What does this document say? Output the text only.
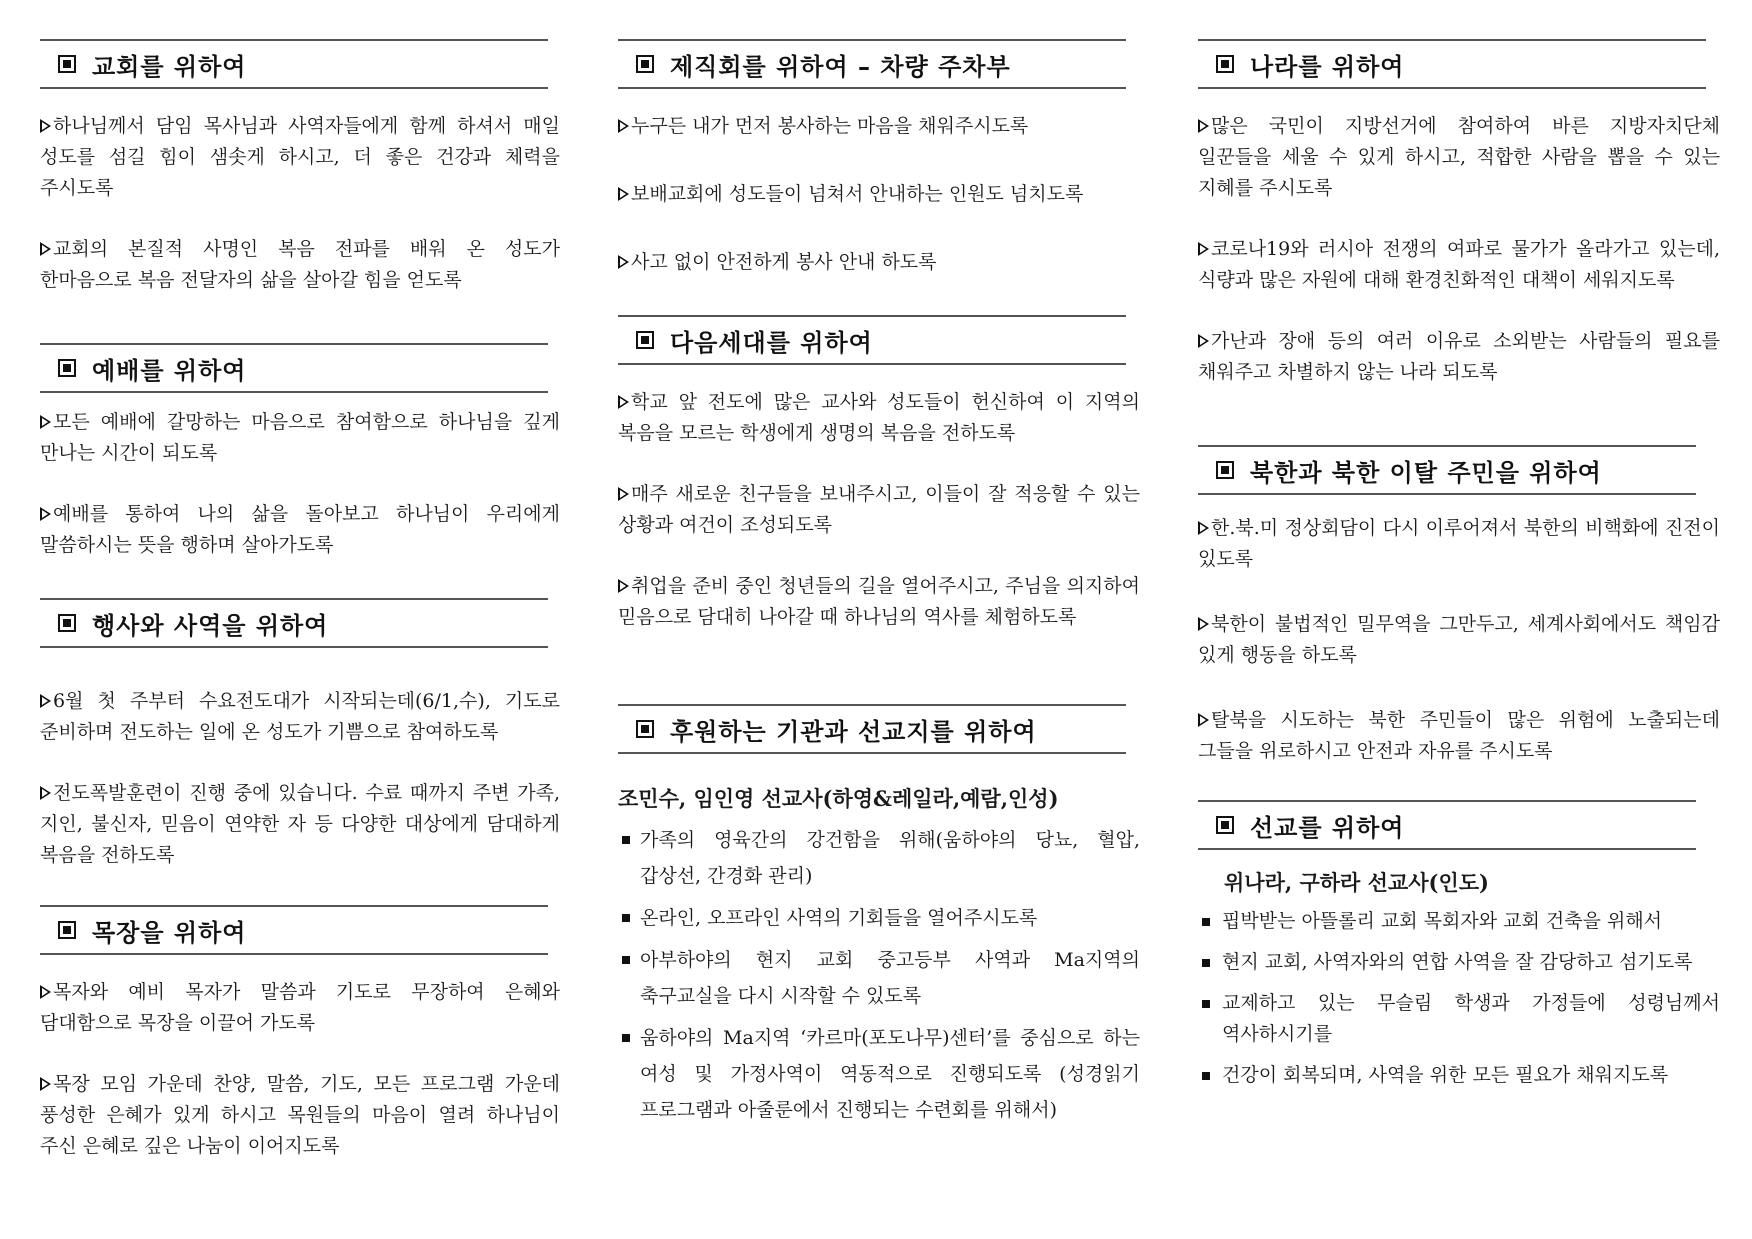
교회를 위하여

하나님께서 담임 목사님과 사역자들에게 함께 하셔서 매일 성도를 섬길 힘이 샘솟게 하시고, 더 좋은 건강과 체력을 주시도록

교회의 본질적 사명인 복음 전파를 배워 온 성도가 한마음으로 복음 전달자의 삶을 살아갈 힘을 얻도록

예배를 위하여

모든 예배에 갈망하는 마음으로 참여함으로 하나님을 깊게 만나는 시간이 되도록

예배를 통하여 나의 삶을 돌아보고 하나님이 우리에게 말씀하시는 뜻을 행하며 살아가도록

행사와 사역을 위하여

6월 첫 주부터 수요전도대가 시작되는데(6/1,수), 기도로 준비하며 전도하는 일에 온 성도가 기쁨으로 참여하도록

전도폭발훈련이 진행 중에 있습니다. 수료 때까지 주변 가족, 지인, 불신자, 믿음이 연약한 자 등 다양한 대상에게 담대하게 복음을 전하도록

목장을 위하여

목자와 예비 목자가 말씀과 기도로 무장하여 은혜와 담대함으로 목장을 이끌어 가도록

목장 모임 가운데 찬양, 말씀, 기도, 모든 프로그램 가운데 풍성한 은혜가 있게 하시고 목원들의 마음이 열려 하나님이 주신 은혜로 깊은 나눔이 이어지도록

제직회를 위하여 – 차량 주차부

누구든 내가 먼저 봉사하는 마음을 채워주시도록

보배교회에 성도들이 넘쳐서 안내하는 인원도 넘치도록

사고 없이 안전하게 봉사 안내 하도록

다음세대를 위하여

학교 앞 전도에 많은 교사와 성도들이 헌신하여 이 지역의 복음을 모르는 학생에게 생명의 복음을 전하도록

매주 새로운 친구들을 보내주시고, 이들이 잘 적응할 수 있는 상황과 여건이 조성되도록

취업을 준비 중인 청년들의 길을 열어주시고, 주님을 의지하여 믿음으로 담대히 나아갈 때 하나님의 역사를 체험하도록

후원하는 기관과 선교지를 위하여
조민수, 임인영 선교사(하영&레일라,예람,인성)
가족의 영육간의 강건함을 위해(움하야의 당뇨, 혈압, 갑상선, 간경화 관리)
온라인, 오프라인 사역의 기회들을 열어주시도록
아부하야의 현지 교회 중고등부 사역과 Ma지역의 축구교실을 다시 시작할 수 있도록
움하야의 Ma지역 ‘카르마(포도나무)센터’를 중심으로 하는 여성 및 가정사역이 역동적으로 진행되도록 (성경읽기 프로그램과 아줄룬에서 진행되는 수련회를 위해서)
나라를 위하여

많은 국민이 지방선거에 참여하여 바른 지방자치단체 일꾼들을 세울 수 있게 하시고, 적합한 사람을 뽑을 수 있는 지혜를 주시도록

코로나19와 러시아 전쟁의 여파로 물가가 올라가고 있는데, 식량과 많은 자원에 대해 환경친화적인 대책이 세워지도록

가난과 장애 등의 여러 이유로 소외받는 사람들의 필요를 채워주고 차별하지 않는 나라 되도록

북한과 북한 이탈 주민을 위하여

한.북.미 정상회담이 다시 이루어져서 북한의 비핵화에 진전이 있도록

북한이 불법적인 밀무역을 그만두고, 세계사회에서도 책임감 있게 행동을 하도록

탈북을 시도하는 북한 주민들이 많은 위험에 노출되는데 그들을 위로하시고 안전과 자유를 주시도록

선교를 위하여
위나라, 구하라 선교사(인도)
핍박받는 아뜰롤리 교회 목회자와 교회 건축을 위해서
현지 교회, 사역자와의 연합 사역을 잘 감당하고 섬기도록
교제하고 있는 무슬림 학생과 가정들에 성령님께서 역사하시기를
건강이 회복되며, 사역을 위한 모든 필요가 채워지도록
